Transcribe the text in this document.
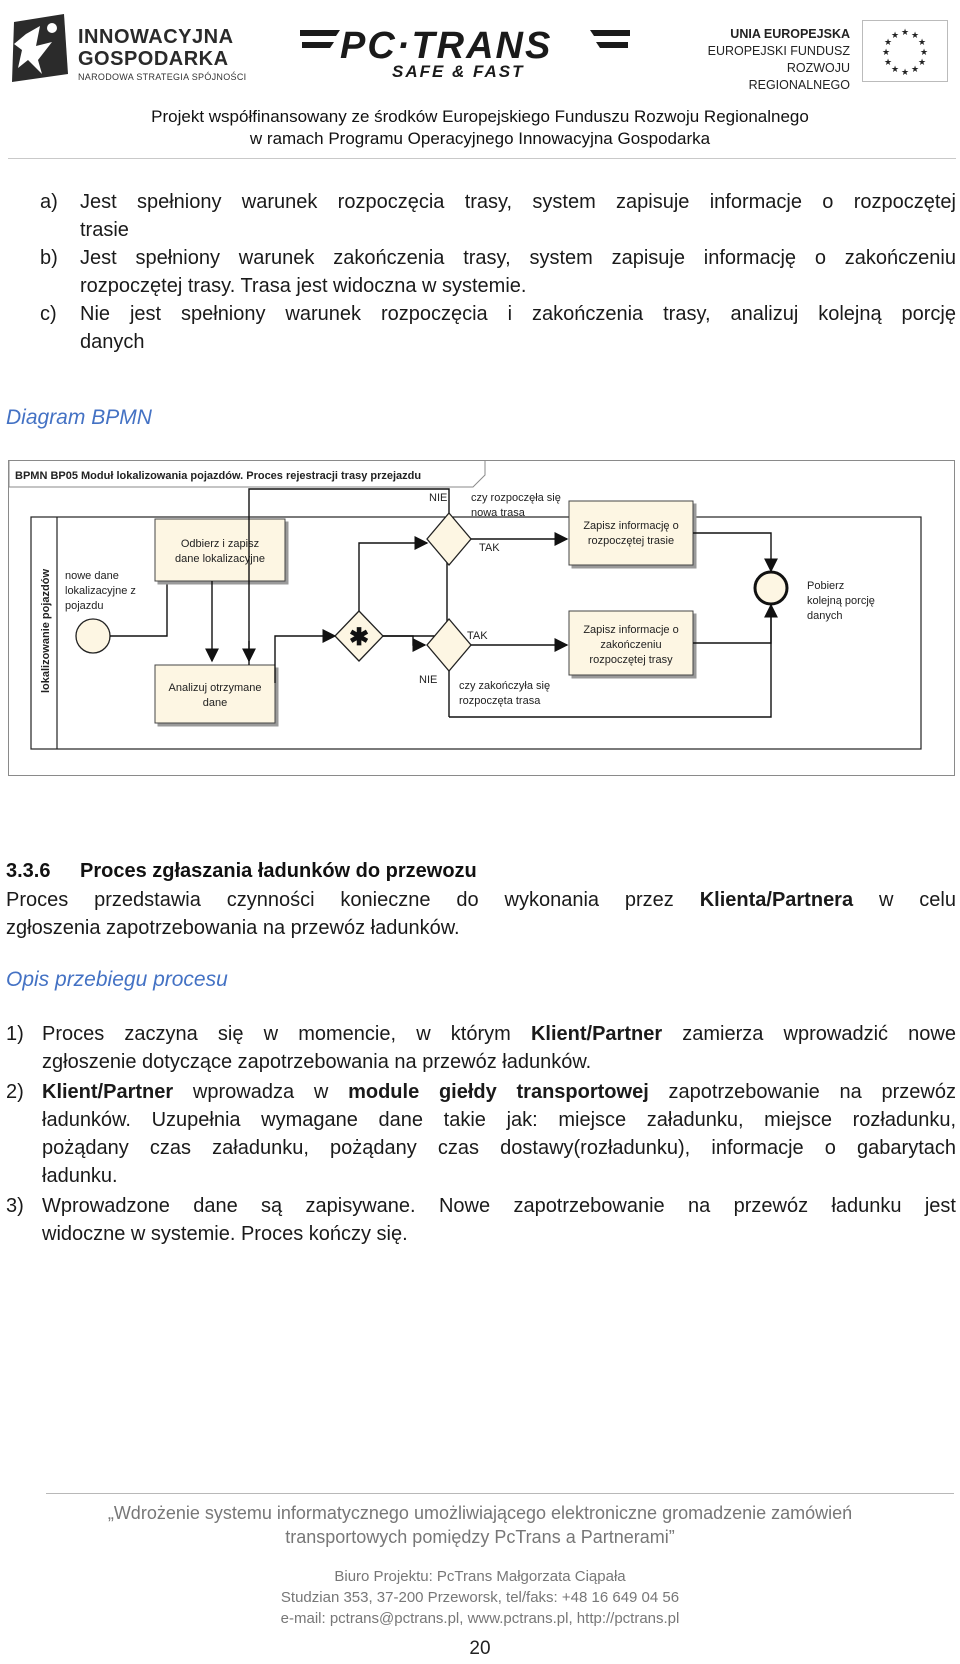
INNOWACYJNA
GOSPODARKA
NARODOWA STRATEGIA SPÓJNOŚCI
PC·TRANS
SAFE & FAST
UNIA EUROPEJSKA
EUROPEJSKI FUNDUSZ
ROZWOJU REGIONALNEGO
★ ★
★
★
★
★
★
★
★
★
★
★
Projekt współfinansowany ze środków Europejskiego Funduszu Rozwoju Regionalnego
w ramach Programu Operacyjnego Innowacyjna Gospodarka
a) Jest spełniony warunek rozpoczęcia trasy, system zapisuje informacje o rozpoczętej
trasie
b) Jest spełniony warunek zakończenia trasy, system zapisuje informację o zakończeniu
rozpoczętej trasy. Trasa jest widoczna w systemie.
c) Nie jest spełniony warunek rozpoczęcia i zakończenia trasy, analizuj kolejną porcję
danych
Diagram BPMN
BPMN BP05 Moduł lokalizowania pojazdów. Proces rejestracji trasy przejazdu
lokalizowanie pojazdów nowe dane
lokalizacyjne z
pojazdu
Odbierz i zapisz
dane lokalizacyjne
Analizuj otrzymane
dane
✱
NIE czy rozpoczęła się
nowa trasa
TAK
NIE
TAK
czy zakończyła się
rozpoczęta trasa
Zapisz informację o
rozpoczętej trasie
Zapisz informacje o
zakończeniu
rozpoczętej trasy
Pobierz
kolejną porcję
danych
3.3.6 Proces zgłaszania ładunków do przewozu
Proces przedstawia czynności konieczne do wykonania przez Klienta/Partnera w celu
zgłoszenia zapotrzebowania na przewóz ładunków.
Opis przebiegu procesu
1) Proces zaczyna się w momencie, w którym Klient/Partner zamierza wprowadzić nowe
zgłoszenie dotyczące zapotrzebowania na przewóz ładunków.
2) Klient/Partner wprowadza w module giełdy transportowej zapotrzebowanie na przewóz
ładunków. Uzupełnia wymagane dane takie jak: miejsce załadunku, miejsce rozładunku,
pożądany czas załadunku, pożądany czas dostawy(rozładunku), informacje o gabarytach
ładunku.
3) Wprowadzone dane są zapisywane. Nowe zapotrzebowanie na przewóz ładunku jest
widoczne w systemie. Proces kończy się.
„Wdrożenie systemu informatycznego umożliwiającego elektroniczne gromadzenie zamówień
transportowych pomiędzy PcTrans a Partnerami”
Biuro Projektu: PcTrans Małgorzata Ciąpała
Studzian 353, 37-200 Przeworsk, tel/faks: +48 16 649 04 56
e-mail: pctrans@pctrans.pl, www.pctrans.pl, http://pctrans.pl
20
